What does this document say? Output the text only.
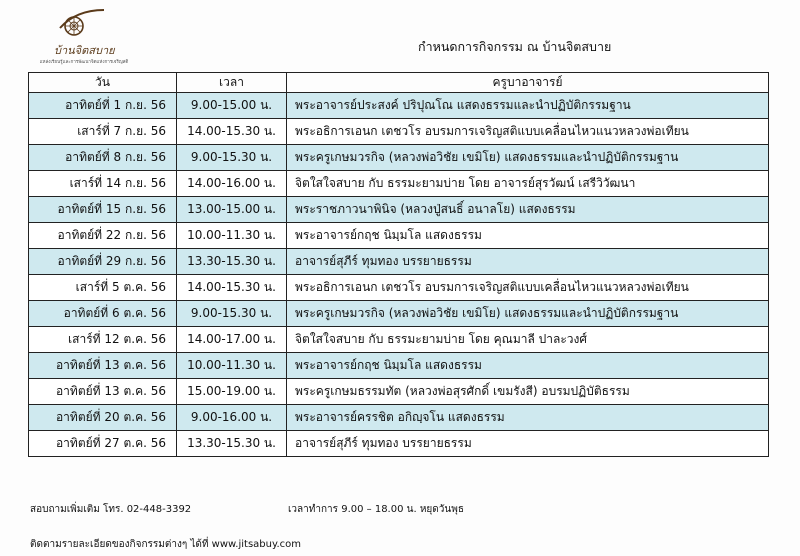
บ้านจิตสบาย
แหล่งเรียนรู้และการพัฒนาจิตแห่งการเจริญสติ
กำหนดการกิจกรรม ณ บ้านจิตสบาย
วัน	เวลา	ครูบาอาจารย์
อาทิตย์ที่ 1 ก.ย. 56	9.00-15.00 น.	พระอาจารย์ประสงค์ ปริปุณโณ แสดงธรรมและนำปฏิบัติกรรมฐาน
เสาร์ที่ 7 ก.ย. 56	14.00-15.30 น.	พระอธิการเอนก เตชวโร อบรมการเจริญสติแบบเคลื่อนไหวแนวหลวงพ่อเทียน
อาทิตย์ที่ 8 ก.ย. 56	9.00-15.30 น.	พระครูเกษมวรกิจ (หลวงพ่อวิชัย เขมิโย) แสดงธรรมและนำปฏิบัติกรรมฐาน
เสาร์ที่ 14 ก.ย. 56	14.00-16.00 น.	จิตใสใจสบาย กับ ธรรมะยามบ่าย โดย อาจารย์สุรวัฒน์ เสรีวิวัฒนา
อาทิตย์ที่ 15 ก.ย. 56	13.00-15.00 น.	พระราชภาวนาพินิจ (หลวงปู่สนธิ์ อนาลโย) แสดงธรรม
อาทิตย์ที่ 22 ก.ย. 56	10.00-11.30 น.	พระอาจารย์กฤช นิมฺมโล แสดงธรรม
อาทิตย์ที่ 29 ก.ย. 56	13.30-15.30 น.	อาจารย์สุภีร์ ทุมทอง บรรยายธรรม
เสาร์ที่ 5 ต.ค. 56	14.00-15.30 น.	พระอธิการเอนก เตชวโร อบรมการเจริญสติแบบเคลื่อนไหวแนวหลวงพ่อเทียน
อาทิตย์ที่ 6 ต.ค. 56	9.00-15.30 น.	พระครูเกษมวรกิจ (หลวงพ่อวิชัย เขมิโย) แสดงธรรมและนำปฏิบัติกรรมฐาน
เสาร์ที่ 12 ต.ค. 56	14.00-17.00 น.	จิตใสใจสบาย กับ ธรรมะยามบ่าย โดย คุณมาลี ปาละวงศ์
อาทิตย์ที่ 13 ต.ค. 56	10.00-11.30 น.	พระอาจารย์กฤช นิมฺมโล แสดงธรรม
อาทิตย์ที่ 13 ต.ค. 56	15.00-19.00 น.	พระครูเกษมธรรมทัต (หลวงพ่อสุรศักดิ์ เขมรังสี) อบรมปฏิบัติธรรม
อาทิตย์ที่ 20 ต.ค. 56	9.00-16.00 น.	พระอาจารย์ครรชิต อกิญฺจโน แสดงธรรม
อาทิตย์ที่ 27 ต.ค. 56	13.30-15.30 น.	อาจารย์สุภีร์ ทุมทอง บรรยายธรรม
สอบถามเพิ่มเติม โทร. 02-448-3392	เวลาทำการ 9.00 – 18.00 น. หยุดวันพุธ
ติดตามรายละเอียดของกิจกรรมต่างๆ ได้ที่ www.jitsabuy.com
